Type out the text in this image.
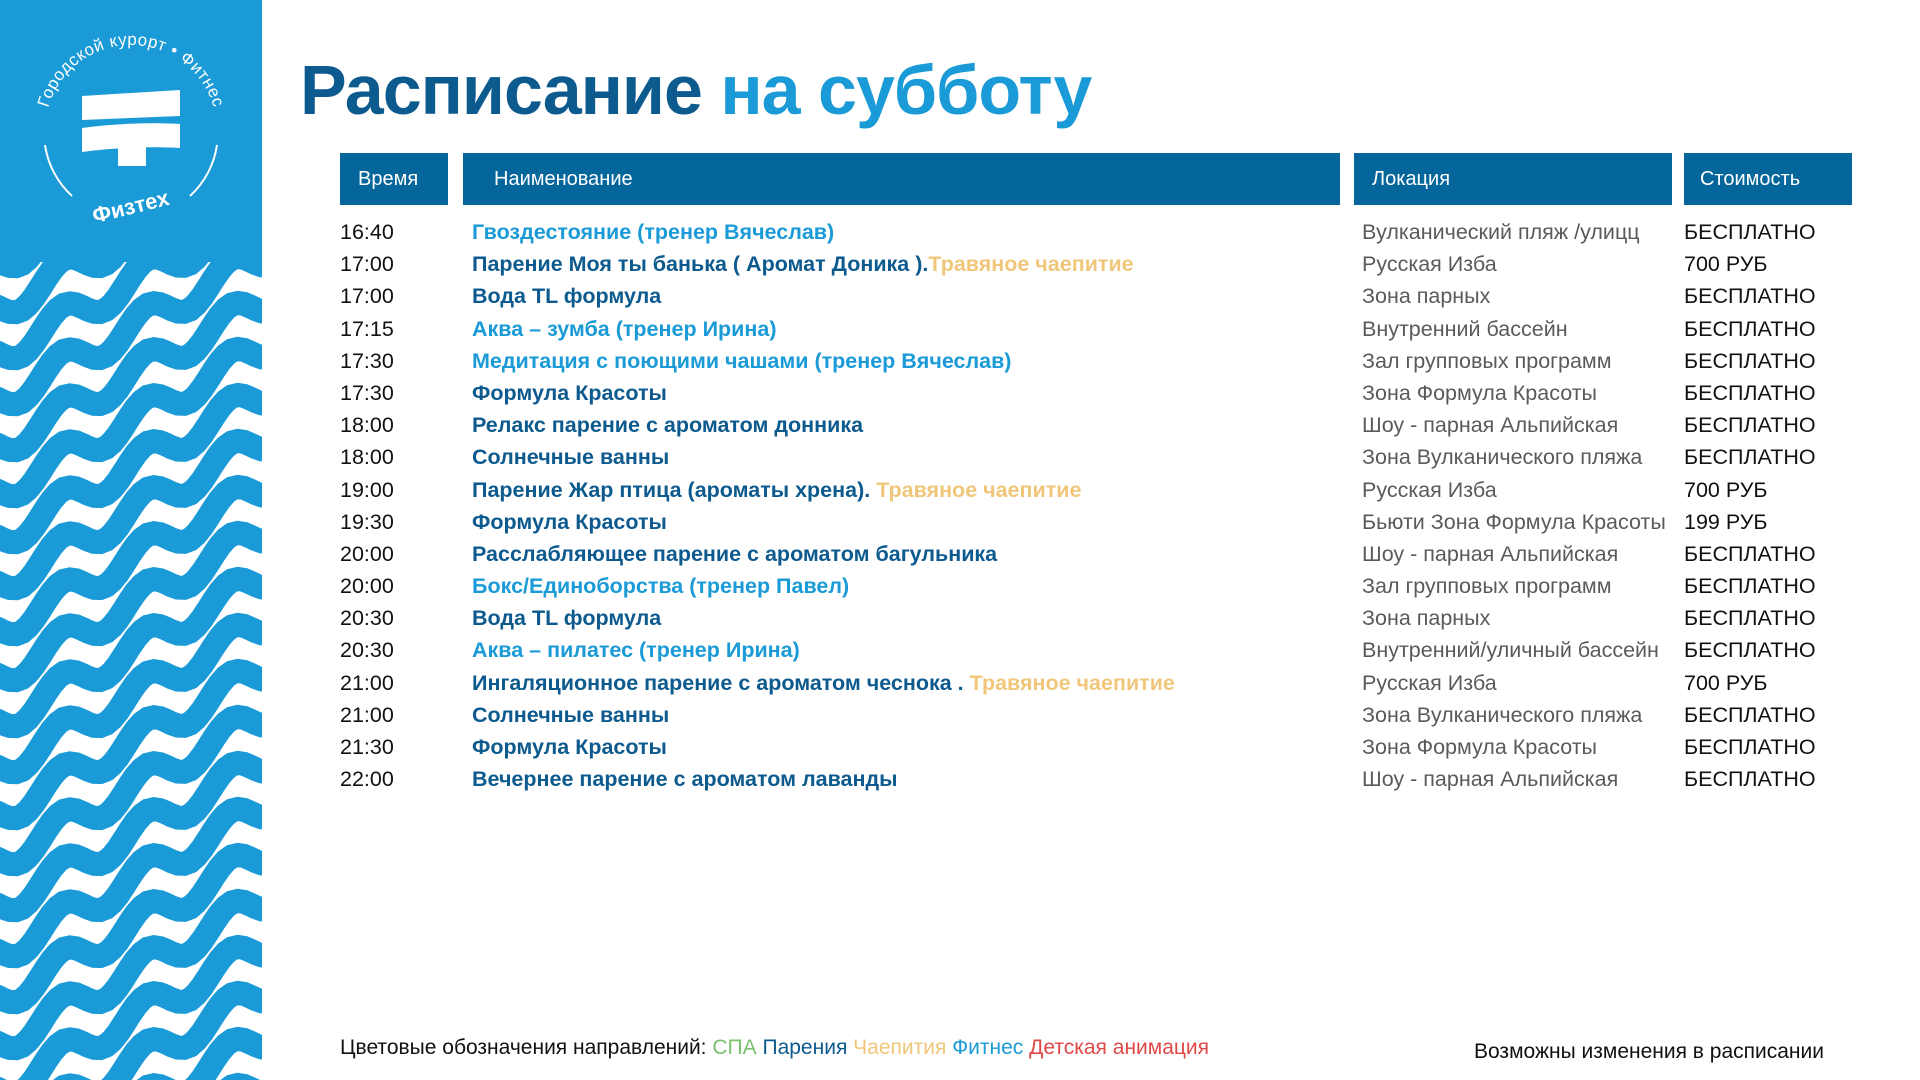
Городской курорт • Фитнес
Физтех
Расписание на субботу
Время	Наименование	Локация	Стоимость
16:40	Гвоздестояние (тренер Вячеслав)	Вулканический пляж /улицц БЕСПЛАТНО
17:00	Парение Моя ты банька ( Аромат Доника ).Травяное чаепитие	Русская Изба	700 РУБ
17:00	Вода TL формула	Зона парных	БЕСПЛАТНО
17:15	Аква – зумба (тренер Ирина)	Внутренний бассейн	БЕСПЛАТНО
17:30	Медитация с поющими чашами (тренер Вячеслав)	Зал групповых программ	БЕСПЛАТНО
17:30	Формула Красоты	Зона Формула Красоты	БЕСПЛАТНО
18:00	Релакс парение с ароматом донника	Шоу - парная Альпийская	БЕСПЛАТНО
18:00	Солнечные ванны	Зона Вулканического пляжа БЕСПЛАТНО
19:00	Парение Жар птица (ароматы хрена). Травяное чаепитие	Русская Изба	700 РУБ
19:30	Формула Красоты	Бьюти Зона Формула Красоты 199 РУБ
20:00	Расслабляющее парение с ароматом багульника	Шоу - парная Альпийская	БЕСПЛАТНО
20:00	Бокс/Единоборства (тренер Павел)	Зал групповых программ	БЕСПЛАТНО
20:30	Вода TL формула	Зона парных	БЕСПЛАТНО
20:30	Аква – пилатес (тренер Ирина)	Внутренний/уличный бассейн БЕСПЛАТНО
21:00	Ингаляционное парение с ароматом чеснока . Травяное чаепитие	Русская Изба	700 РУБ
21:00	Солнечные ванны	Зона Вулканического пляжа БЕСПЛАТНО
21:30	Формула Красоты	Зона Формула Красоты	БЕСПЛАТНО
22:00	Вечернее парение с ароматом лаванды	Шоу - парная Альпийская	БЕСПЛАТНО
Цветовые обозначения направлений: СПА Парения Чаепития Фитнес Детская анимация	Возможны изменения в расписании
